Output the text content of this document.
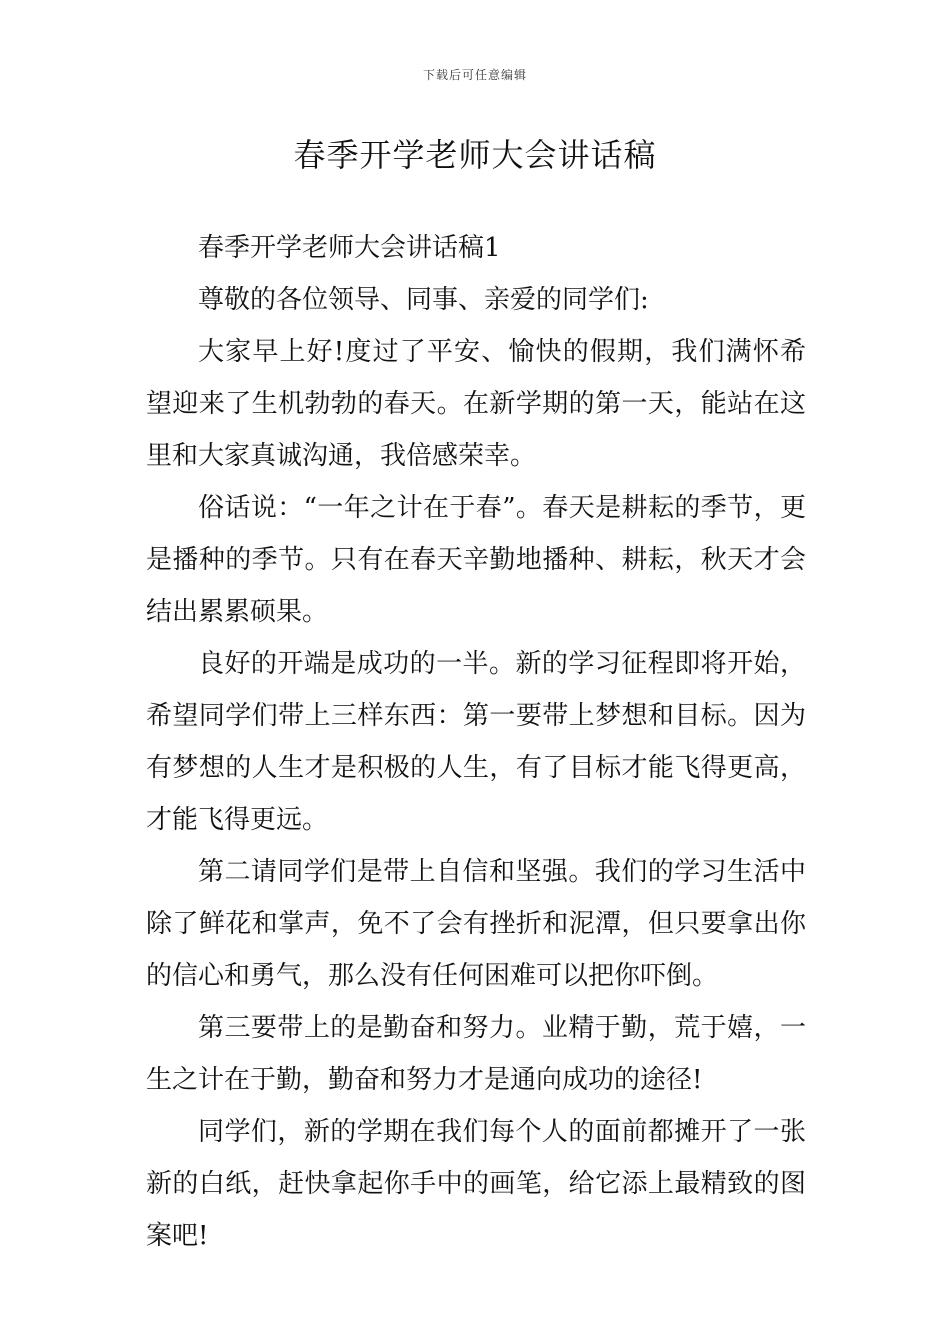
下载后可任意编辑
春季开学老师大会讲话稿

春季开学老师大会讲话稿1

尊敬的各位领导、同事、亲爱的同学们:

大家早上好!度过了平安、愉快的假期，我们满怀希望迎来了生机勃勃的春天。在新学期的第一天，能站在这里和大家真诚沟通，我倍感荣幸。

俗话说：“一年之计在于春”。春天是耕耘的季节，更是播种的季节。只有在春天辛勤地播种、耕耘，秋天才会结出累累硕果。

良好的开端是成功的一半。新的学习征程即将开始，希望同学们带上三样东西：第一要带上梦想和目标。因为有梦想的人生才是积极的人生，有了目标才能飞得更高，才能飞得更远。

第二请同学们是带上自信和坚强。我们的学习生活中除了鲜花和掌声，免不了会有挫折和泥潭，但只要拿出你的信心和勇气，那么没有任何困难可以把你吓倒。

第三要带上的是勤奋和努力。业精于勤，荒于嬉，一生之计在于勤，勤奋和努力才是通向成功的途径!

同学们，新的学期在我们每个人的面前都摊开了一张新的白纸，赶快拿起你手中的画笔，给它添上最精致的图案吧!
